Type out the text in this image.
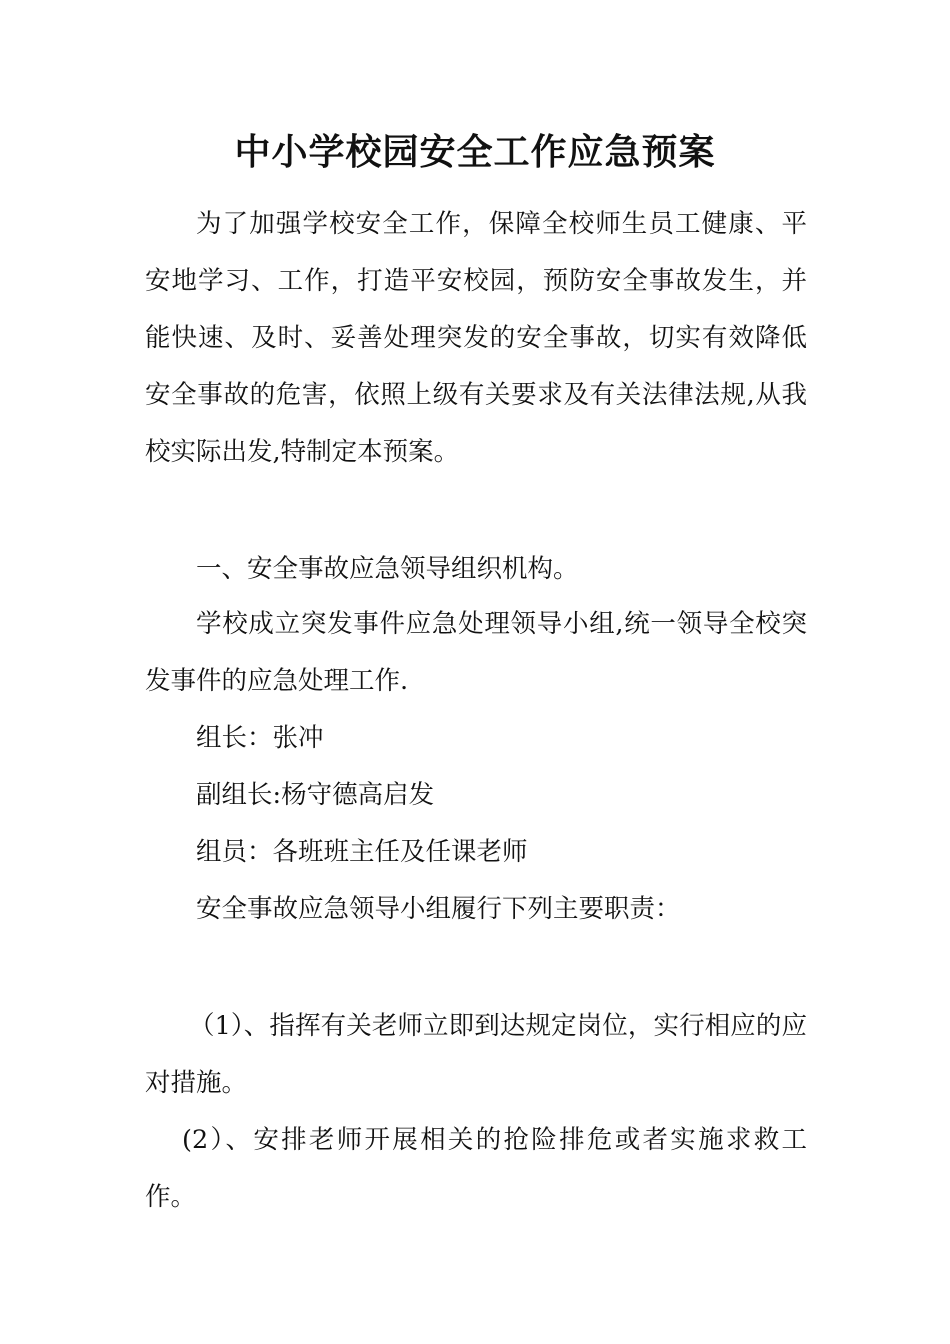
中小学校园安全工作应急预案

为了加强学校安全工作，保障全校师生员工健康、平安地学习、工作，打造平安校园，预防安全事故发生，并能快速、及时、妥善处理突发的安全事故，切实有效降低安全事故的危害，依照上级有关要求及有关法律法规,从我校实际出发,特制定本预案。

一、安全事故应急领导组织机构。

学校成立突发事件应急处理领导小组,统一领导全校突发事件的应急处理工作.

组长：张冲

副组长:杨守德高启发

组员：各班班主任及任课老师

安全事故应急领导小组履行下列主要职责：

（1）、指挥有关老师立即到达规定岗位，实行相应的应对措施。

(2）、安排老师开展相关的抢险排危或者实施求救工作。
